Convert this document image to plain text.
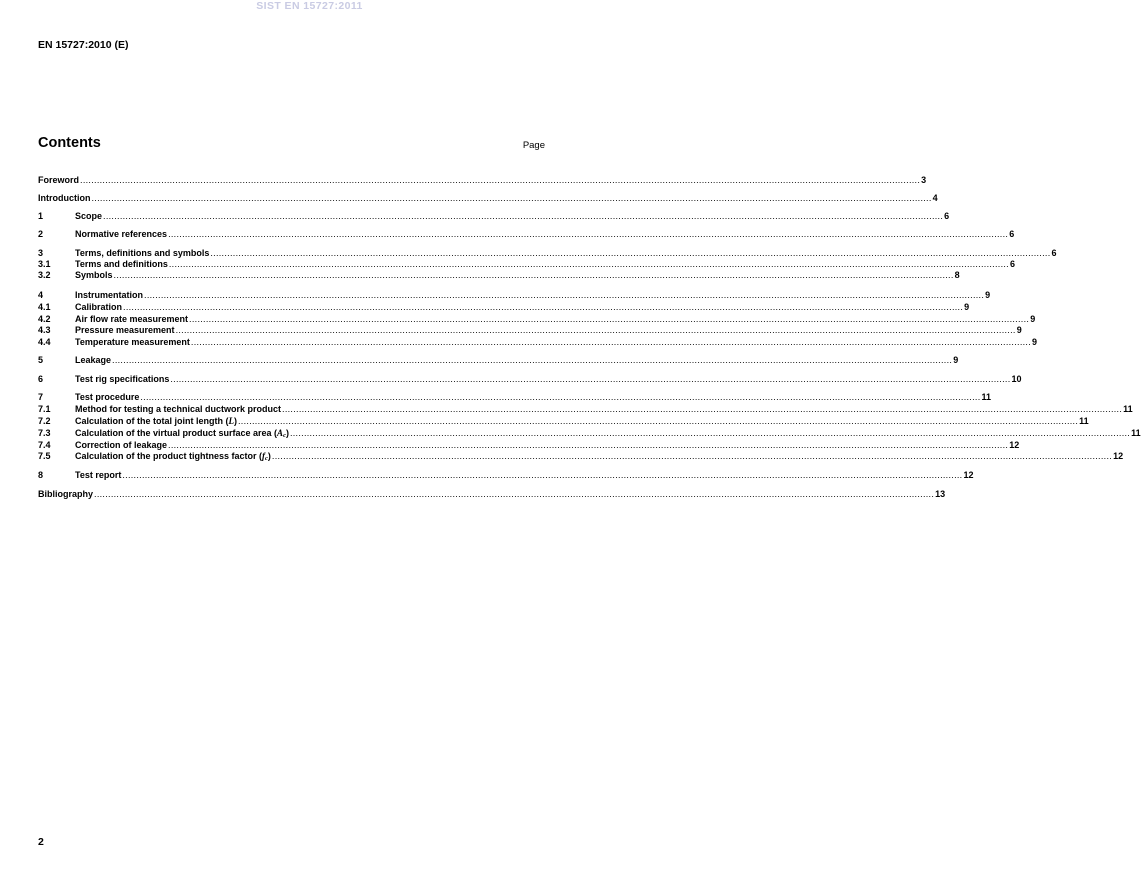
SIST EN 15727:2011
EN 15727:2010 (E)
Contents	Page
Foreword ............................................................................................................................................................................................................................................................................................................ 3
Introduction ............................................................................................................................................................................................................................................................................................................ 4
1	Scope ............................................................................................................................................................................................................................................................................................................ 6
2	Normative references ............................................................................................................................................................................................................................................................................................................ 6
3	Terms, definitions and symbols ............................................................................................................................................................................................................................................................................................................ 6
3.1	Terms and definitions ............................................................................................................................................................................................................................................................................................................ 6
3.2	Symbols ............................................................................................................................................................................................................................................................................................................ 8
4	Instrumentation ............................................................................................................................................................................................................................................................................................................ 9
4.1	Calibration ............................................................................................................................................................................................................................................................................................................ 9
4.2	Air flow rate measurement ............................................................................................................................................................................................................................................................................................................ 9
4.3	Pressure measurement ............................................................................................................................................................................................................................................................................................................ 9
4.4	Temperature measurement ............................................................................................................................................................................................................................................................................................................ 9
5	Leakage ............................................................................................................................................................................................................................................................................................................ 9
6	Test rig specifications ............................................................................................................................................................................................................................................................................................................ 10
7	Test procedure ............................................................................................................................................................................................................................................................................................................ 11
7.1	Method for testing a technical ductwork product ............................................................................................................................................................................................................................................................................................................ 11
7.2	Calculation of the total joint length (L) ............................................................................................................................................................................................................................................................................................................ 11
7.3	Calculation of the virtual product surface area (Ac) ............................................................................................................................................................................................................................................................................................................ 11
7.4	Correction of leakage ............................................................................................................................................................................................................................................................................................................ 12
7.5	Calculation of the product tightness factor (fc) ............................................................................................................................................................................................................................................................................................................ 12
8	Test report ............................................................................................................................................................................................................................................................................................................ 12
Bibliography ............................................................................................................................................................................................................................................................................................................ 13
2
